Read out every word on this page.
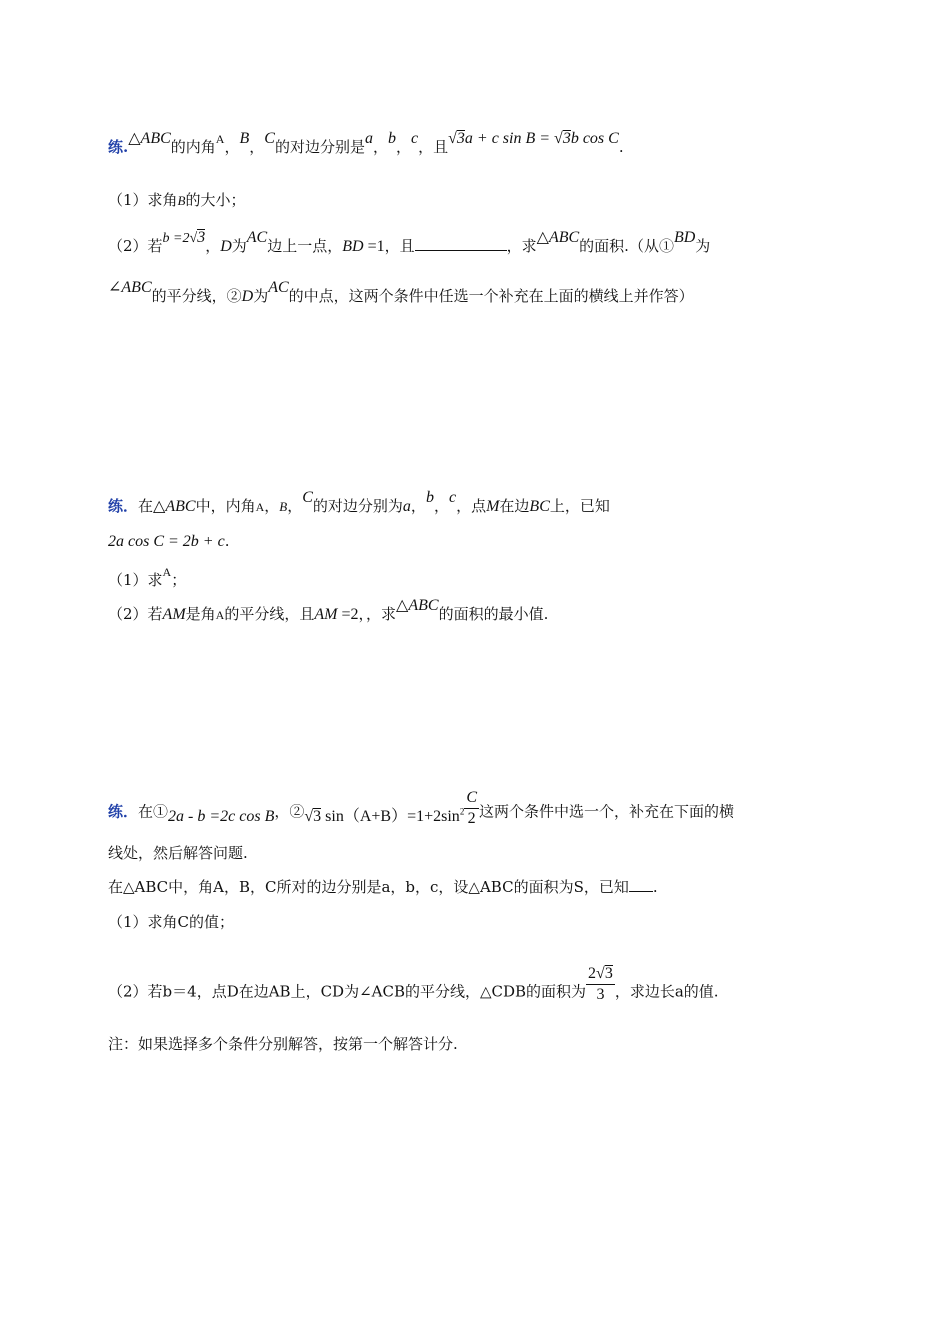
练.△ABC的内角$^A$，B，C的对边分别是a，b，c，且√3a + c sin B = √3b cos C.
（1）求角B的大小；
（2）若b =2√3，D为AC边上一点，BD =1，且	，求△ABC的面积.（从①BD为
∠ABC的平分线，②D为AC的中点，这两个条件中任选一个补充在上面的横线上并作答）
练．在△ABC中，内角A，B，C的对边分别为a，b，c，点M在边BC上，已知
2a cos C = 2b + c.
（1）求$^A$；
（2）若AM是角A的平分线，且AM =2，，求△ABC的面积的最小值.
练．在①2a - b =2c cos B，②√3 $\sin(A+B)=1+2\sin^2 \frac{C}{2}$ 这两个条件中选一个，补充在下面的横
线处，然后解答问题.
在△ABC中，角A，B，C所对的边分别是a，b，c，设△ABC的面积为S，已知 .
（1）求角C的值；
（2）若b＝4，点D在边AB上，CD为∠ACB的平分线，△CDB的面积为 $\frac{2√3}{3}$ ，求边长a的值.
注：如果选择多个条件分别解答，按第一个解答计分.
